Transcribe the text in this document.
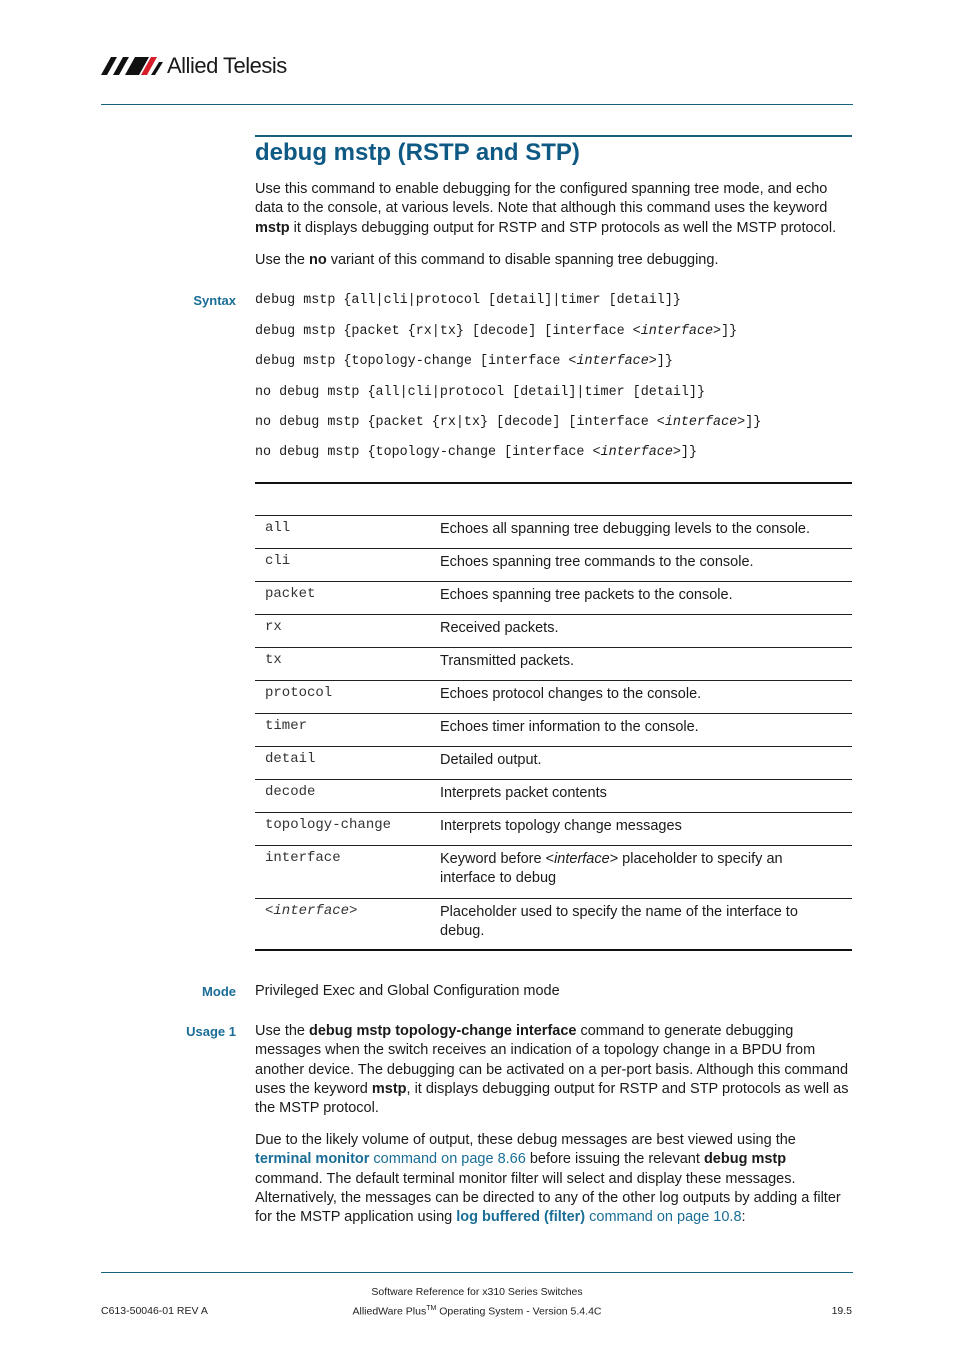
Allied Telesis
debug mstp (RSTP and STP)
Use this command to enable debugging for the configured spanning tree mode, and echo data to the console, at various levels. Note that although this command uses the keyword mstp it displays debugging output for RSTP and STP protocols as well the MSTP protocol.
Use the no variant of this command to disable spanning tree debugging.
Syntax debug mstp {all|cli|protocol [detail]|timer [detail]}
debug mstp {packet {rx|tx} [decode] [interface <interface>]}
debug mstp {topology-change [interface <interface>]}
no debug mstp {all|cli|protocol [detail]|timer [detail]}
no debug mstp {packet {rx|tx} [decode] [interface <interface>]}
no debug mstp {topology-change [interface <interface>]}
all	Echoes all spanning tree debugging levels to the console.
cli	Echoes spanning tree commands to the console.
packet	Echoes spanning tree packets to the console.
rx	Received packets.
tx	Transmitted packets.
protocol	Echoes protocol changes to the console.
timer	Echoes timer information to the console.
detail	Detailed output.
decode	Interprets packet contents
topology-change	Interprets topology change messages
interface	Keyword before <interface> placeholder to specify an interface to debug
<interface>	Placeholder used to specify the name of the interface to debug.
Mode Privileged Exec and Global Configuration mode
Usage 1 Use the debug mstp topology-change interface command to generate debugging messages when the switch receives an indication of a topology change in a BPDU from another device. The debugging can be activated on a per-port basis. Although this command uses the keyword mstp, it displays debugging output for RSTP and STP protocols as well as the MSTP protocol.
Due to the likely volume of output, these debug messages are best viewed using the terminal monitor command on page 8.66 before issuing the relevant debug mstp command. The default terminal monitor filter will select and display these messages. Alternatively, the messages can be directed to any of the other log outputs by adding a filter for the MSTP application using log buffered (filter) command on page 10.8:
Software Reference for x310 Series Switches
AlliedWare Plus™ Operating System - Version 5.4.4C
C613-50046-01 REV A	19.5
